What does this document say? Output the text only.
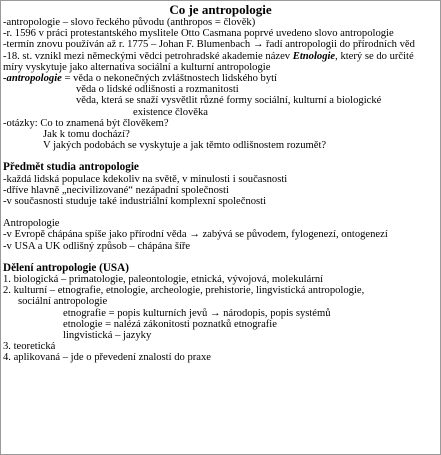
Co je antropologie
-antropologie – slovo řeckého původu (anthropos = člověk)
-r. 1596 v práci protestantského myslitele Otto Casmana poprvé uvedeno slovo antropologie
-termín znovu používán až r. 1775 – Johan F. Blumenbach → řadí antropologii do přírodních věd
-18. st. vznikl mezi německými vědci petrohradské akademie název Etnologie, který se do určité míry vyskytuje jako alternativa sociální a kulturní antropologie
-antropologie = věda o nekonečných zvláštnostech lidského bytí
věda o lidské odlišnosti a rozmanitosti
věda, která se snaží vysvětlit různé formy sociální, kulturní a biologické
existence člověka
-otázky: Co to znamená být člověkem?
Jak k tomu dochází?
V jakých podobách se vyskytuje a jak těmto odlišnostem rozumět?
Předmět studia antropologie
-každá lidská populace kdekoliv na světě, v minulosti i současnosti
-dříve hlavně „necivilizované“ nezápadní společnosti
-v současnosti studuje také industriální komplexní společnosti
Antropologie
-v Evropě chápána spíše jako přírodní věda → zabývá se původem, fylogenezí, ontogenezí
-v USA a UK odlišný způsob – chápána šíře
Dělení antropologie (USA)
1. biologická – primatologie, paleontologie, etnická, vývojová, molekulární
2. kulturní – etnografie, etnologie, archeologie, prehistorie, lingvistická antropologie,
sociální antropologie
etnografie = popis kulturních jevů → národopis, popis systémů
etnologie = nalézá zákonitosti poznatků etnografie
lingvistická – jazyky
3. teoretická
4. aplikovaná – jde o převedení znalostí do praxe
